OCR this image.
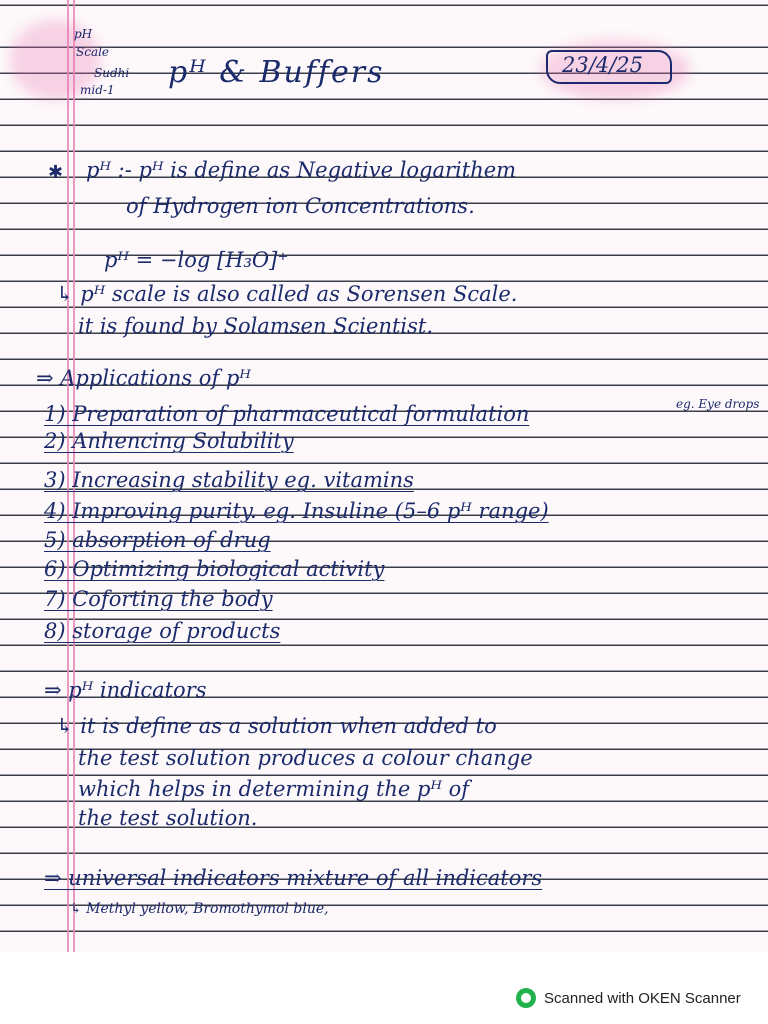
pH
Scale
Sudhi
mid-1 pᴴ & Buffers	23/4/25
✱ pᴴ :- pᴴ is define as Negative logarithem
of Hydrogen ion Concentrations.
pᴴ = −log [H₃O]⁺
↳ pᴴ scale is also called as Sorensen Scale.
it is found by Solamsen Scientist.
⇒ Applications of pᴴ
eg. Eye drops
1) Preparation of pharmaceutical formulation
2) Anhencing Solubility
3) Increasing stability eg. vitamins
4) Improving purity. eg. Insuline (5–6 pᴴ range)
5) absorption of drug
6) Optimizing biological activity
7) Coforting the body
8) storage of products
⇒ pᴴ indicators
↳ it is define as a solution when added to
the test solution produces a colour change
which helps in determining the pᴴ of
the test solution.
⇒ universal indicators mixture of all indicators
↳ Methyl yellow, Bromothymol blue,
Scanned with OKEN Scanner
